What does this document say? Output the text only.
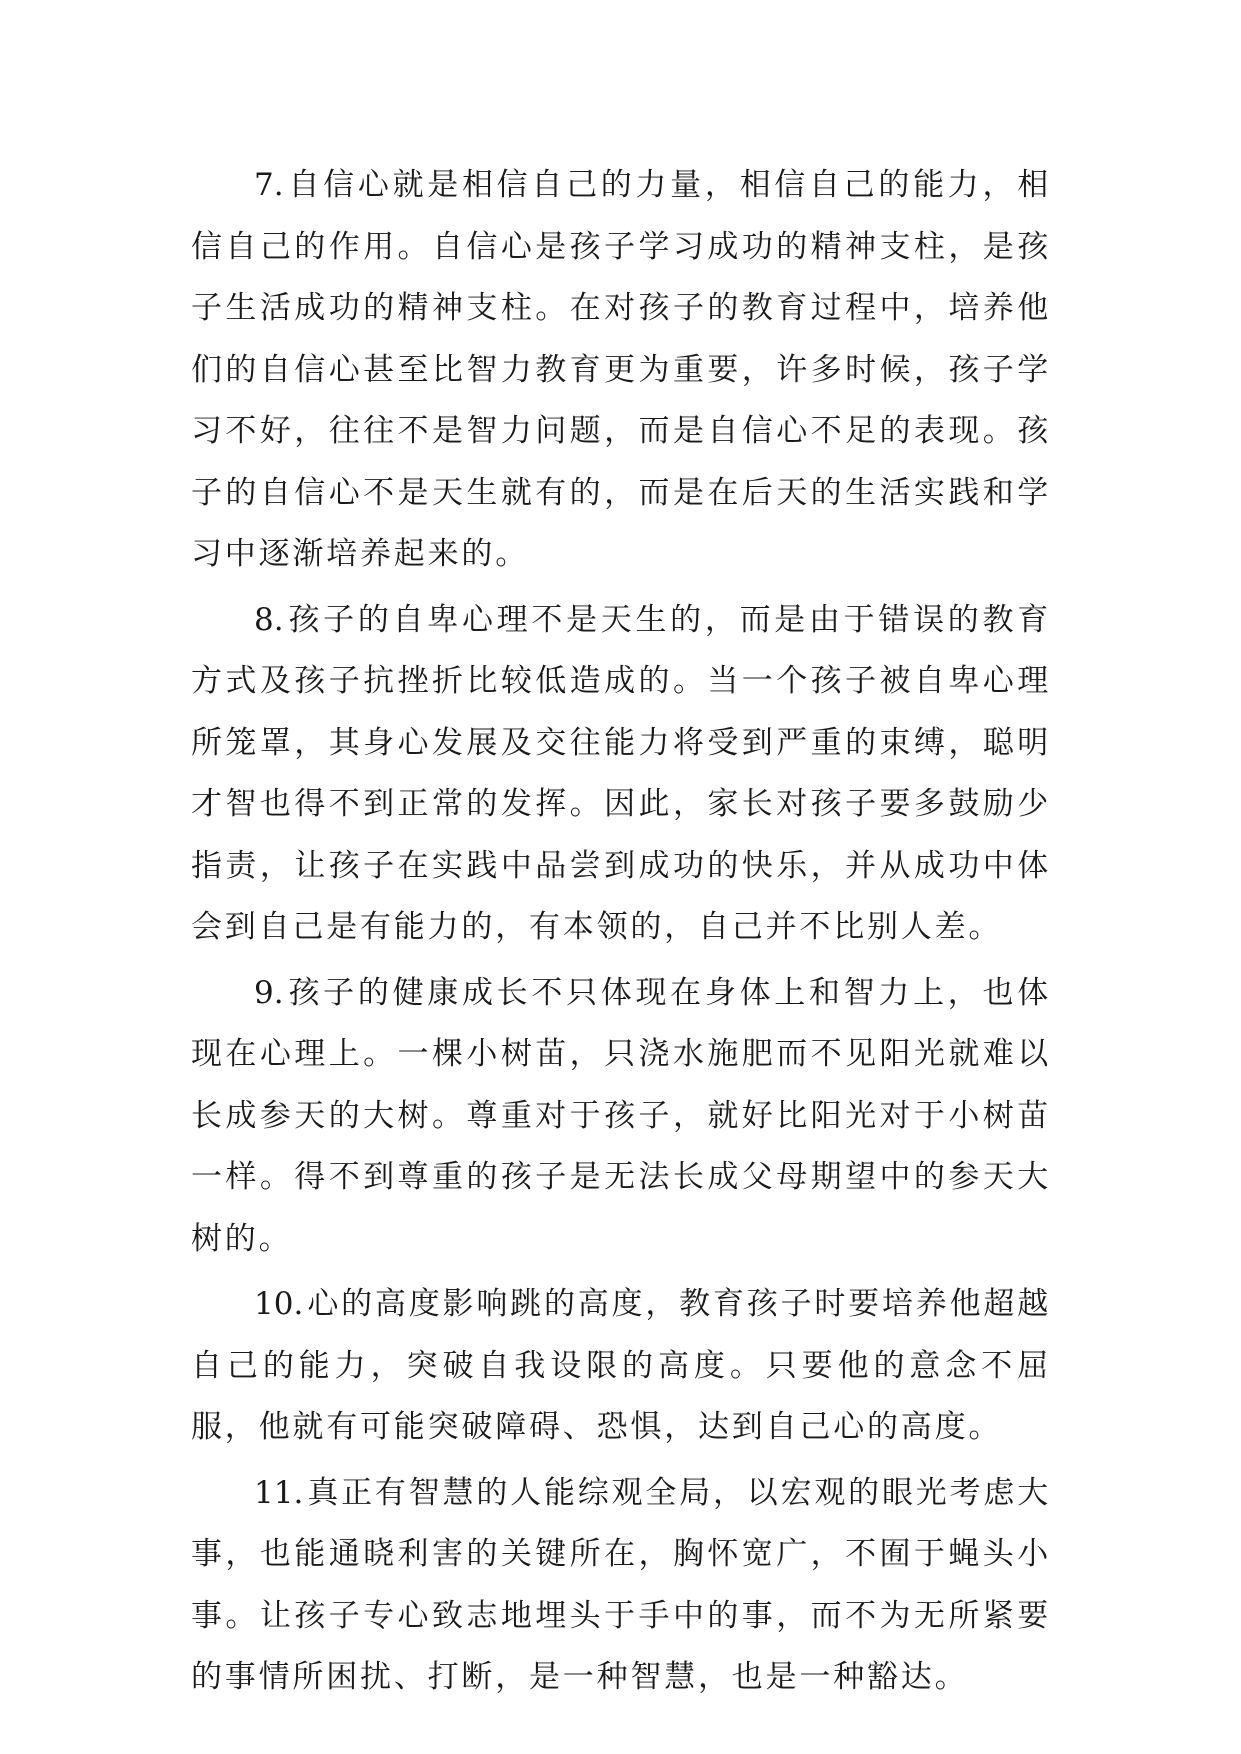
7. 自信心就是相信自己的力量，相信自己的能力，相信自己的作用。自信心是孩子学习成功的精神支柱，是孩子生活成功的精神支柱。在对孩子的教育过程中，培养他们的自信心甚至比智力教育更为重要，许多时候，孩子学习不好，往往不是智力问题，而是自信心不足的表现。孩子的自信心不是天生就有的，而是在后天的生活实践和学习中逐渐培养起来的。

8. 孩子的自卑心理不是天生的，而是由于错误的教育方式及孩子抗挫折比较低造成的。当一个孩子被自卑心理所笼罩，其身心发展及交往能力将受到严重的束缚，聪明才智也得不到正常的发挥。因此，家长对孩子要多鼓励少指责，让孩子在实践中品尝到成功的快乐，并从成功中体会到自己是有能力的，有本领的，自己并不比别人差。

9. 孩子的健康成长不只体现在身体上和智力上，也体现在心理上。一棵小树苗，只浇水施肥而不见阳光就难以长成参天的大树。尊重对于孩子，就好比阳光对于小树苗一样。得不到尊重的孩子是无法长成父母期望中的参天大树的。

10. 心的高度影响跳的高度，教育孩子时要培养他超越自己的能力，突破自我设限的高度。只要他的意念不屈服，他就有可能突破障碍、恐惧，达到自己心的高度。

11. 真正有智慧的人能综观全局，以宏观的眼光考虑大事，也能通晓利害的关键所在，胸怀宽广，不囿于蝇头小事。让孩子专心致志地埋头于手中的事，而不为无所紧要的事情所困扰、打断，是一种智慧，也是一种豁达。
